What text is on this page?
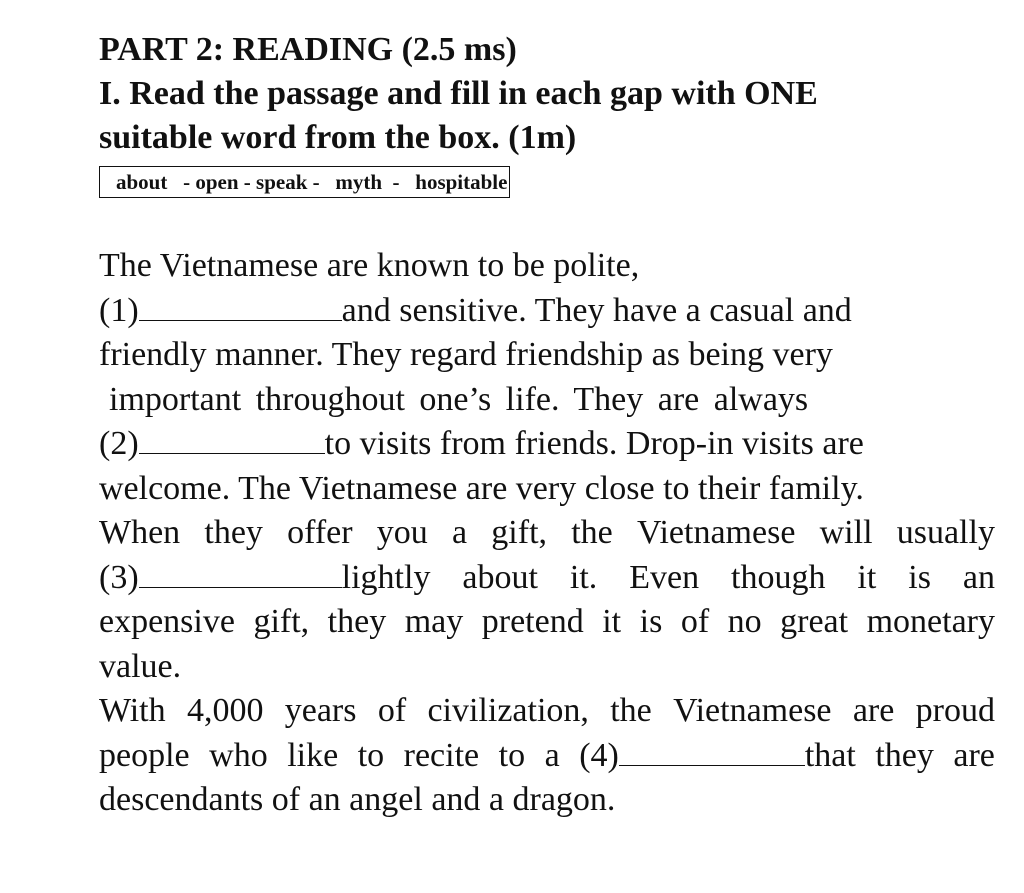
PART 2: READING (2.5 ms)

I. Read the passage and fill in each gap with ONE suitable word from the box. (1m)

about   - open - speak -   myth  -   hospitable
The Vietnamese are known to be polite,
(1)	and sensitive. They have a casual and
friendly manner. They regard friendship as being very
important throughout one’s life. They are always
(2)	to visits from friends. Drop-in visits are
welcome. The Vietnamese are very close to their family.
When they offer you a gift, the Vietnamese will usually
(3)	lightly about it. Even though it is an
expensive gift, they may pretend it is of no great monetary
value.
With 4,000 years of civilization, the Vietnamese are proud
people who like to recite to a (4)	that they are
descendants of an angel and a dragon.
